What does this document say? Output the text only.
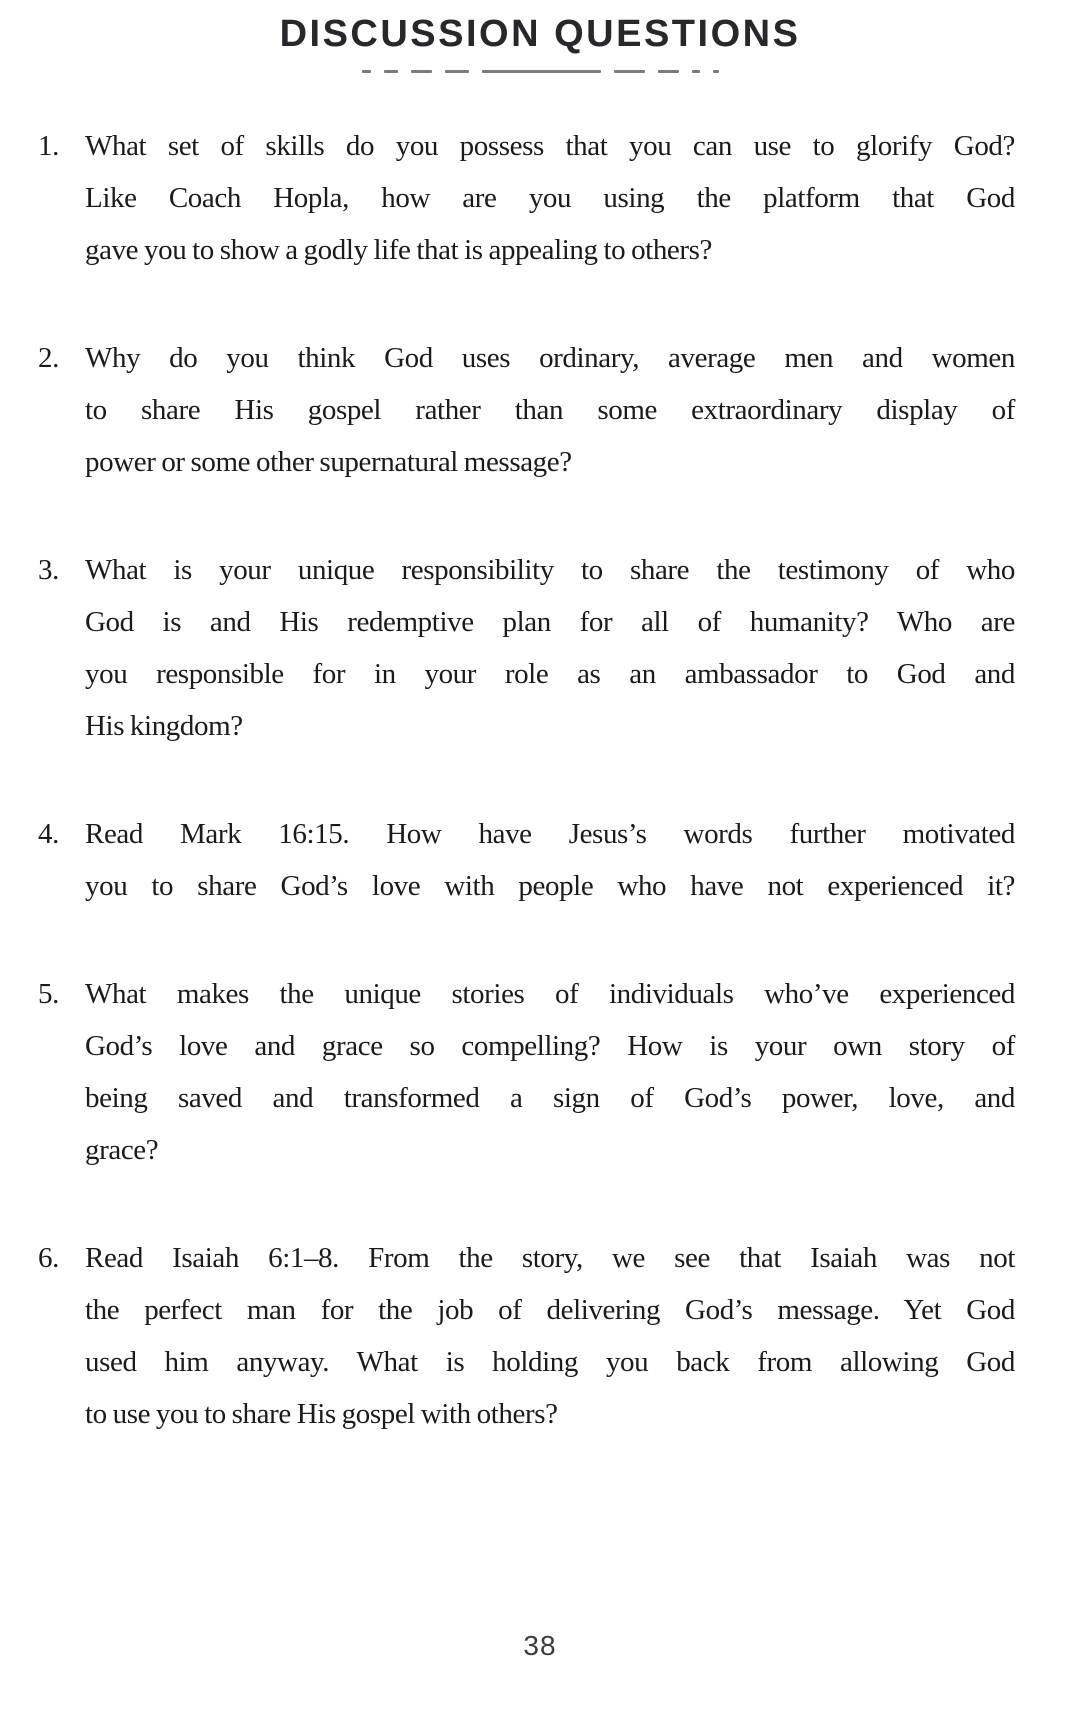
DISCUSSION QUESTIONS
1. What set of skills do you possess that you can use to glorify God?
Like Coach Hopla, how are you using the platform that God
gave you to show a godly life that is appealing to others?
2. Why do you think God uses ordinary, average men and women
to share His gospel rather than some extraordinary display of
power or some other supernatural message?
3. What is your unique responsibility to share the testimony of who
God is and His redemptive plan for all of humanity? Who are
you responsible for in your role as an ambassador to God and
His kingdom?
4. Read Mark 16:15. How have Jesus’s words further motivated
you to share God’s love with people who have not experienced it?
5. What makes the unique stories of individuals who’ve experienced
God’s love and grace so compelling? How is your own story of
being saved and transformed a sign of God’s power, love, and
grace?
6. Read Isaiah 6:1–8. From the story, we see that Isaiah was not
the perfect man for the job of delivering God’s message. Yet God
used him anyway. What is holding you back from allowing God
to use you to share His gospel with others?
38
